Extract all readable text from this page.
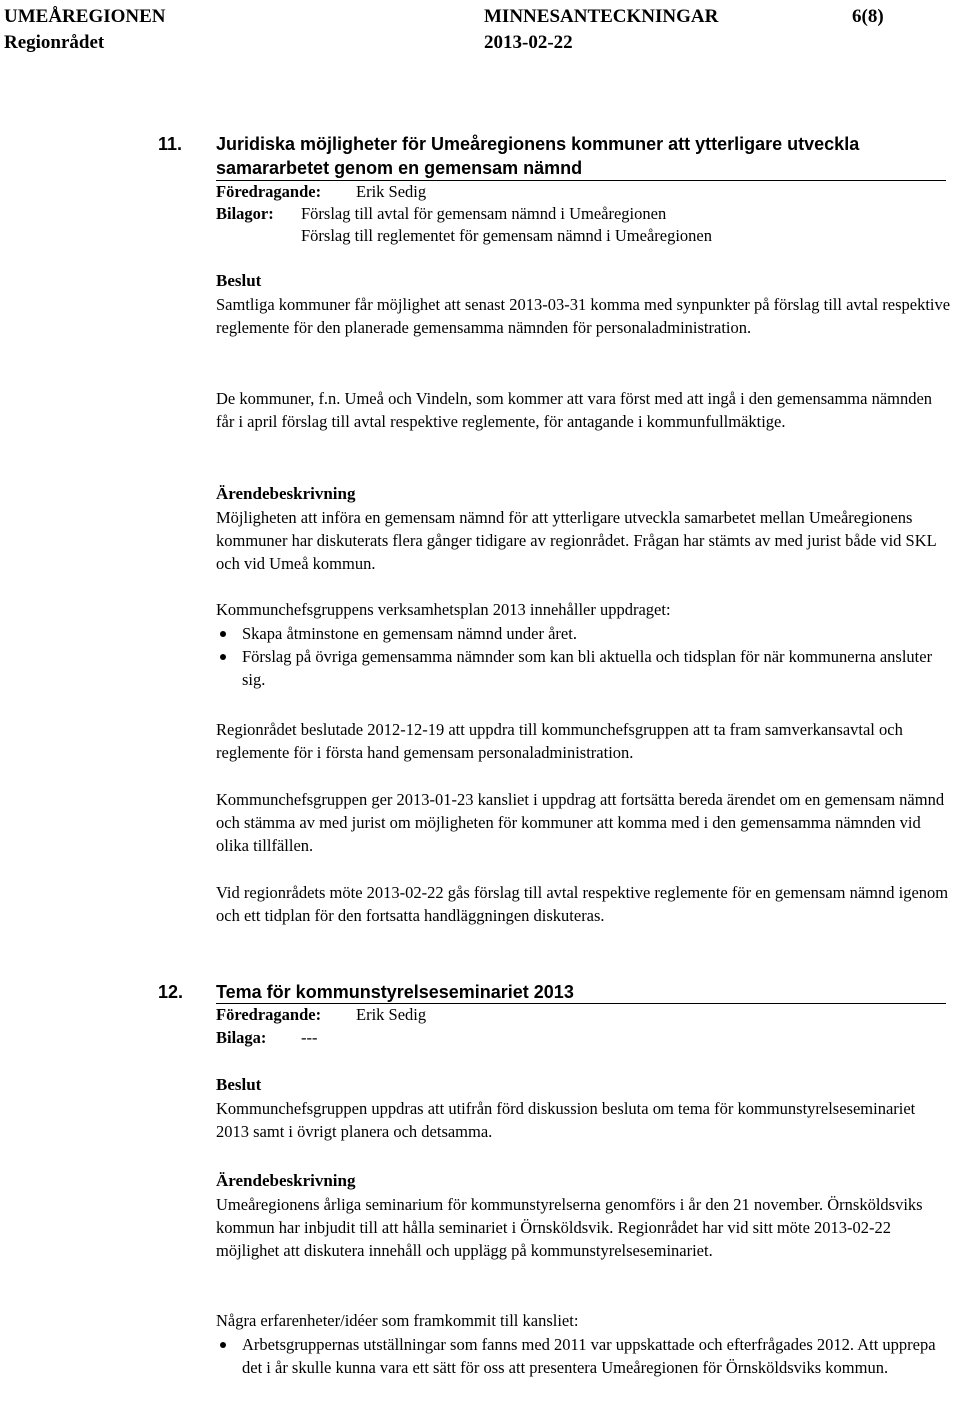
UMEÅREGIONEN
Regionrådet
MINNESANTECKNINGAR
2013-02-22
6(8)
11. Juridiska möjligheter för Umeåregionens kommuner att ytterligare utveckla samararbetet genom en gemensam nämnd
Föredragande: Erik Sedig
Bilagor: Förslag till avtal för gemensam nämnd i Umeåregionen
Förslag till reglementet för gemensam nämnd i Umeåregionen
Beslut
Samtliga kommuner får möjlighet att senast 2013-03-31 komma med synpunkter på förslag till avtal respektive reglemente för den planerade gemensamma nämnden för personaladministration.
De kommuner, f.n. Umeå och Vindeln, som kommer att vara först med att ingå i den gemensamma nämnden får i april förslag till avtal respektive reglemente, för antagande i kommunfullmäktige.
Ärendebeskrivning
Möjligheten att införa en gemensam nämnd för att ytterligare utveckla samarbetet mellan Umeåregionens kommuner har diskuterats flera gånger tidigare av regionrådet. Frågan har stämts av med jurist både vid SKL och vid Umeå kommun.
Kommunchefsgruppens verksamhetsplan 2013 innehåller uppdraget:
Skapa åtminstone en gemensam nämnd under året.
Förslag på övriga gemensamma nämnder som kan bli aktuella och tidsplan för när kommunerna ansluter sig.
Regionrådet beslutade 2012-12-19 att uppdra till kommunchefsgruppen att ta fram samverkansavtal och reglemente för i första hand gemensam personaladministration.
Kommunchefsgruppen ger 2013-01-23 kansliet i uppdrag att fortsätta bereda ärendet om en gemensam nämnd och stämma av med jurist om möjligheten för kommuner att komma med i den gemensamma nämnden vid olika tillfällen.
Vid regionrådets möte 2013-02-22 gås förslag till avtal respektive reglemente för en gemensam nämnd igenom och ett tidplan för den fortsatta handläggningen diskuteras.
12. Tema för kommunstyrelseseminariet 2013
Föredragande: Erik Sedig
Bilaga: ---
Beslut
Kommunchefsgruppen uppdras att utifrån förd diskussion besluta om tema för kommunstyrelseseminariet 2013 samt i övrigt planera och detsamma.
Ärendebeskrivning
Umeåregionens årliga seminarium för kommunstyrelserna genomförs i år den 21 november. Örnsköldsviks kommun har inbjudit till att hålla seminariet i Örnsköldsvik. Regionrådet har vid sitt möte 2013-02-22 möjlighet att diskutera innehåll och upplägg på kommunstyrelseseminariet.
Några erfarenheter/idéer som framkommit till kansliet:
Arbetsgruppernas utställningar som fanns med 2011 var uppskattade och efterfrågades 2012. Att upprepa det i år skulle kunna vara ett sätt för oss att presentera Umeåregionen för Örnsköldsviks kommun.
